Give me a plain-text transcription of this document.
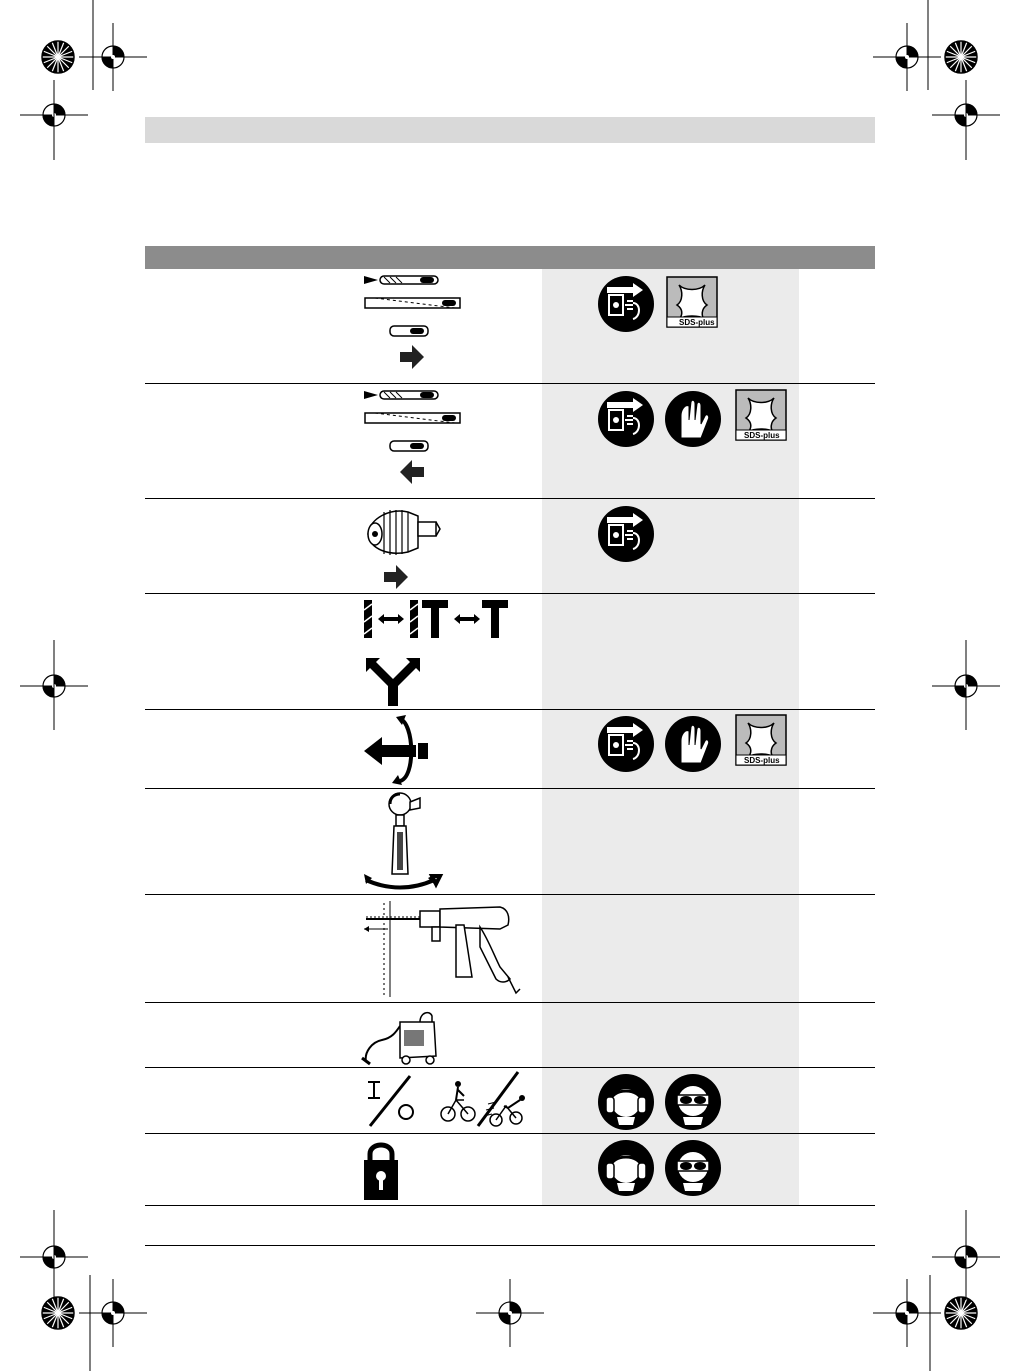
SDS-plus
SDS-plus
SDS-plus
